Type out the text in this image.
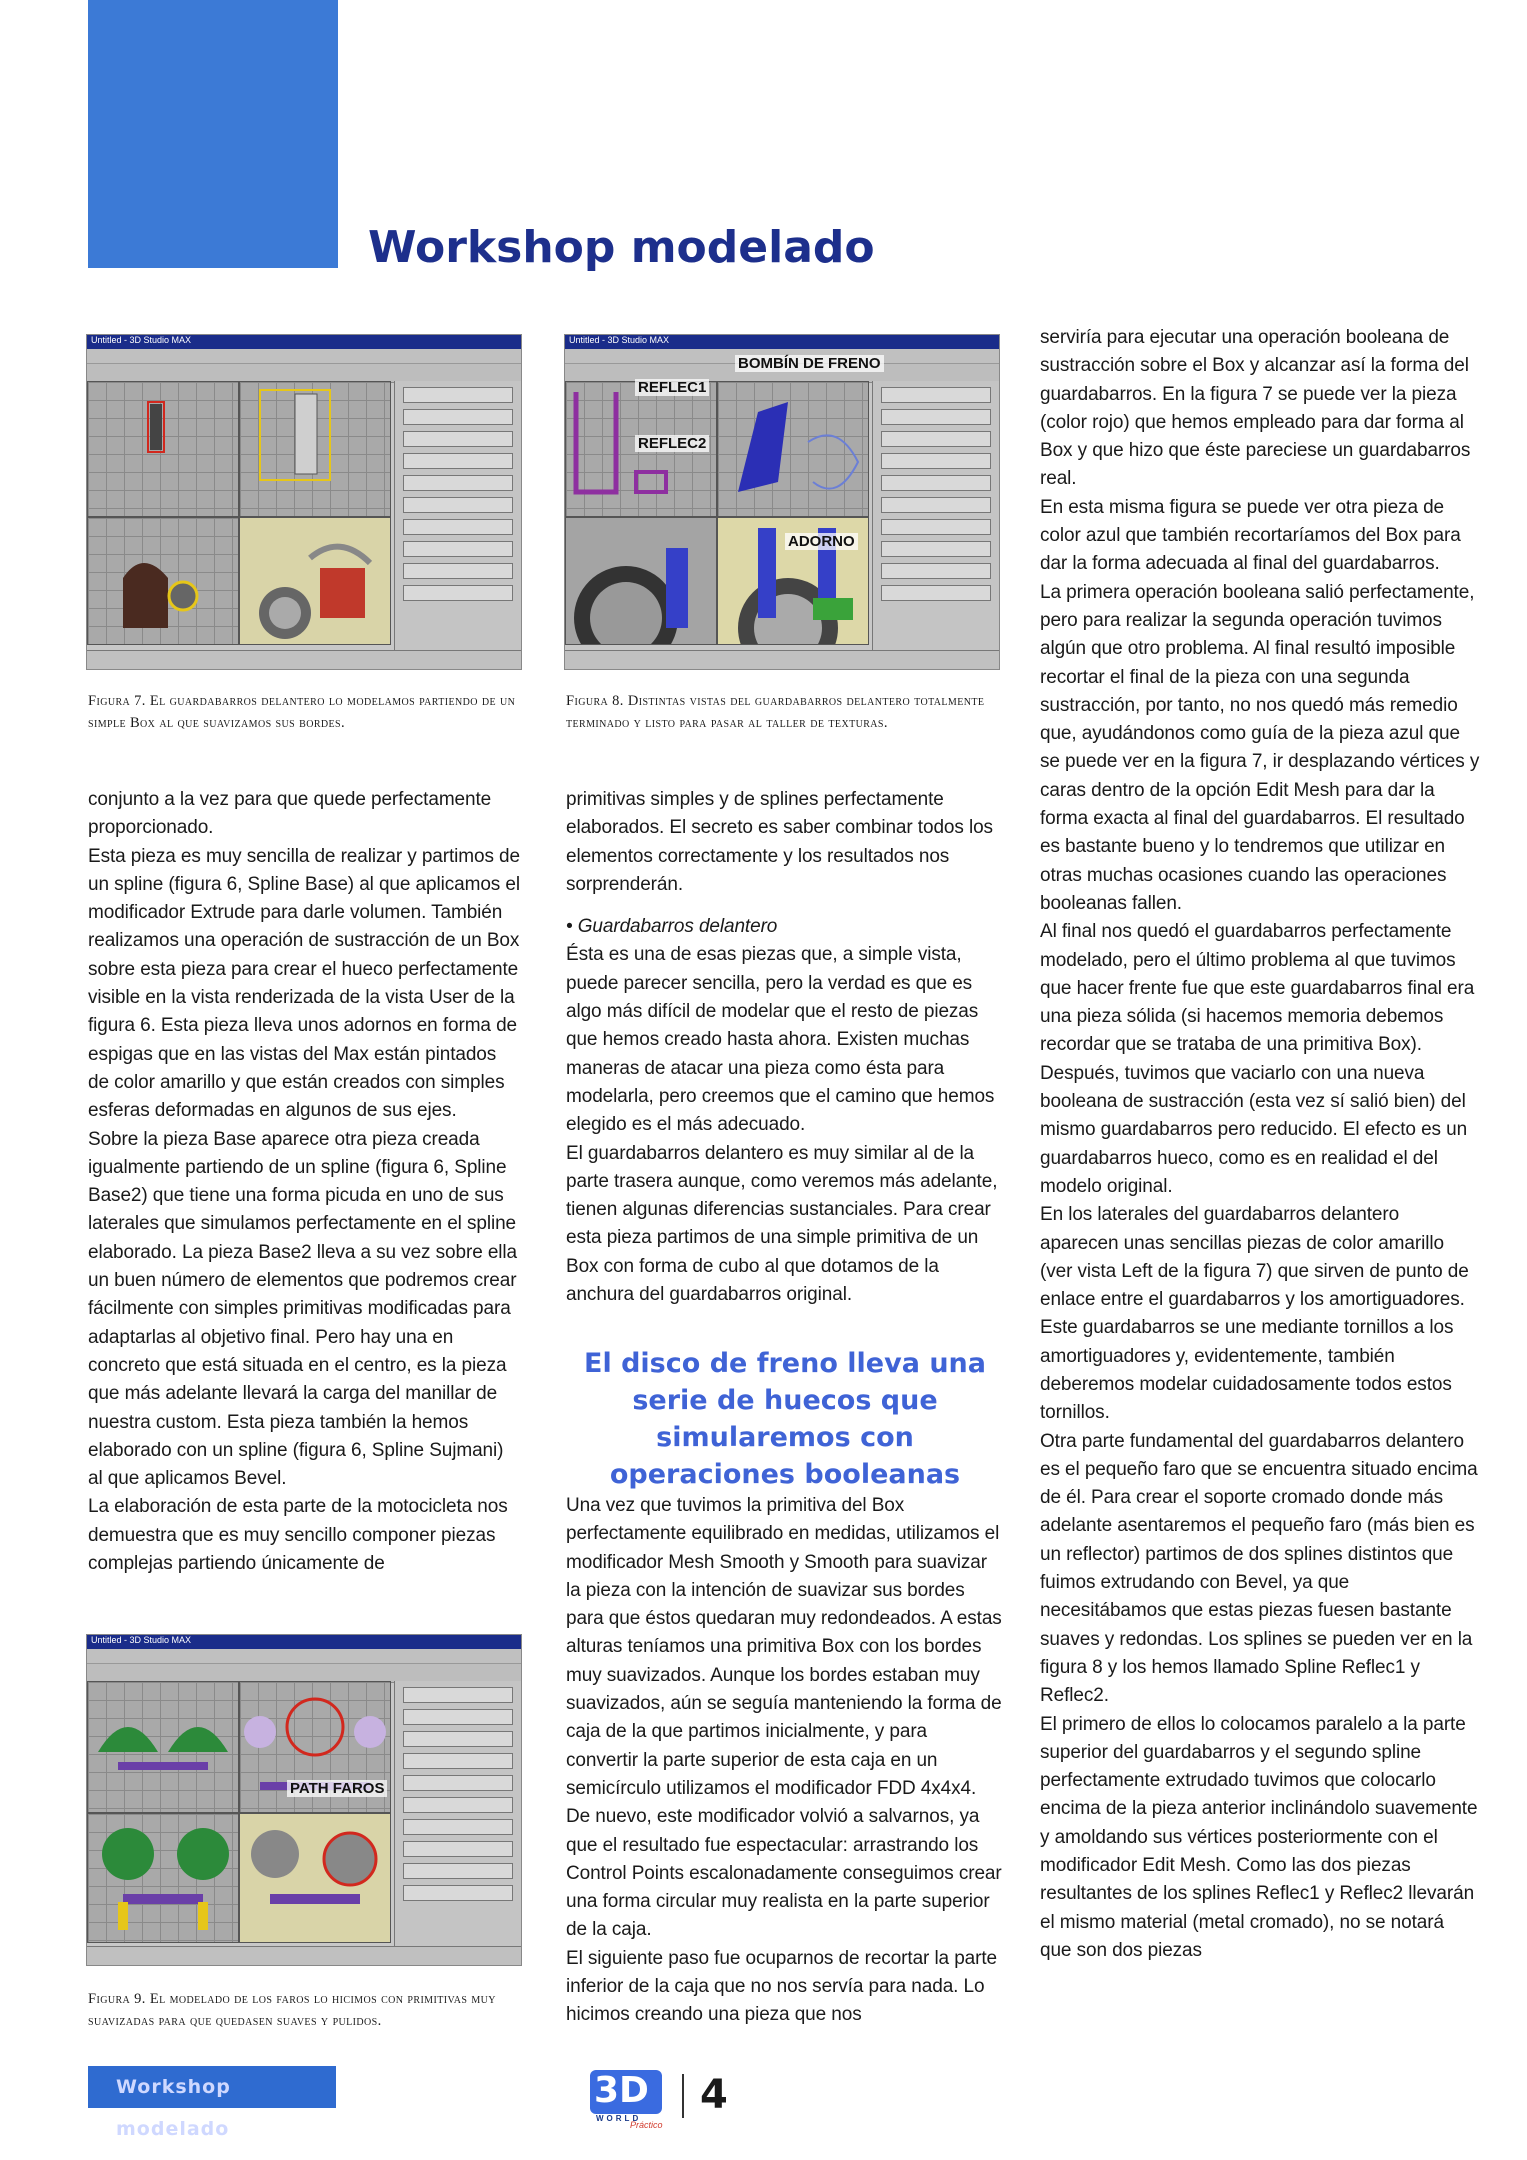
Workshop modelado
Untitled - 3D Studio MAX
Figura 7. El guardabarros delantero lo modelamos partiendo de un simple Box al que suavizamos sus bordes.
Untitled - 3D Studio MAX
BOMBÍN DE FRENO
REFLEC1
REFLEC2
ADORNO
Figura 8. Distintas vistas del guardabarros delantero totalmente terminado y listo para pasar al taller de texturas.

conjunto a la vez para que quede perfectamente proporcionado.

Esta pieza es muy sencilla de realizar y partimos de un spline (figura 6, Spline Base) al que aplicamos el modificador Extrude para darle volumen. También realizamos una operación de sustracción de un Box sobre esta pieza para crear el hueco perfectamente visible en la vista renderizada de la vista User de la figura 6. Esta pieza lleva unos adornos en forma de espigas que en las vistas del Max están pintados de color amarillo y que están creados con simples esferas deformadas en algunos de sus ejes.

Sobre la pieza Base aparece otra pieza creada igualmente partiendo de un spline (figura 6, Spline Base2) que tiene una forma picuda en uno de sus laterales que simulamos perfectamente en el spline elaborado. La pieza Base2 lleva a su vez sobre ella un buen número de elementos que podremos crear fácilmente con simples primitivas modificadas para adaptarlas al objetivo final. Pero hay una en concreto que está situada en el centro, es la pieza que más adelante llevará la carga del manillar de nuestra custom. Esta pieza también la hemos elaborado con un spline (figura 6, Spline Sujmani) al que aplicamos Bevel.

La elaboración de esta parte de la motocicleta nos demuestra que es muy sencillo componer piezas complejas partiendo únicamente de

Untitled - 3D Studio MAX
PATH FAROS
Figura 9. El modelado de los faros lo hicimos con primitivas muy suavizadas para que quedasen suaves y pulidos.

primitivas simples y de splines perfectamente elaborados. El secreto es saber combinar todos los elementos correctamente y los resultados nos sorprenderán.

• Guardabarros delantero

Ésta es una de esas piezas que, a simple vista, puede parecer sencilla, pero la verdad es que es algo más difícil de modelar que el resto de piezas que hemos creado hasta ahora. Existen muchas maneras de atacar una pieza como ésta para modelarla, pero creemos que el camino que hemos elegido es el más adecuado.

El guardabarros delantero es muy similar al de la parte trasera aunque, como veremos más adelante, tienen algunas diferencias sustanciales. Para crear esta pieza partimos de una simple primitiva de un Box con forma de cubo al que dotamos de la anchura del guardabarros original.

El disco de freno lleva una serie de huecos que simularemos con operaciones booleanas

Una vez que tuvimos la primitiva del Box perfectamente equilibrado en medidas, utilizamos el modificador Mesh Smooth y Smooth para suavizar la pieza con la intención de suavizar sus bordes para que éstos quedaran muy redondeados. A estas alturas teníamos una primitiva Box con los bordes muy suavizados. Aunque los bordes estaban muy suavizados, aún se seguía manteniendo la forma de caja de la que partimos inicialmente, y para convertir la parte superior de esta caja en un semicírculo utilizamos el modificador FDD 4x4x4. De nuevo, este modificador volvió a salvarnos, ya que el resultado fue espectacular: arrastrando los Control Points escalonadamente conseguimos crear una forma circular muy realista en la parte superior de la caja.

El siguiente paso fue ocuparnos de recortar la parte inferior de la caja que no nos servía para nada. Lo hicimos creando una pieza que nos

serviría para ejecutar una operación booleana de sustracción sobre el Box y alcanzar así la forma del guardabarros. En la figura 7 se puede ver la pieza (color rojo) que hemos empleado para dar forma al Box y que hizo que éste pareciese un guardabarros real.

En esta misma figura se puede ver otra pieza de color azul que también recortaríamos del Box para dar la forma adecuada al final del guardabarros.

La primera operación booleana salió perfectamente, pero para realizar la segunda operación tuvimos algún que otro problema. Al final resultó imposible recortar el final de la pieza con una segunda sustracción, por tanto, no nos quedó más remedio que, ayudándonos como guía de la pieza azul que se puede ver en la figura 7, ir desplazando vértices y caras dentro de la opción Edit Mesh para dar la forma exacta al final del guardabarros. El resultado es bastante bueno y lo tendremos que utilizar en otras muchas ocasiones cuando las operaciones booleanas fallen.

Al final nos quedó el guardabarros perfectamente modelado, pero el último problema al que tuvimos que hacer frente fue que este guardabarros final era una pieza sólida (si hacemos memoria debemos recordar que se trataba de una primitiva Box). Después, tuvimos que vaciarlo con una nueva booleana de sustracción (esta vez sí salió bien) del mismo guardabarros pero reducido. El efecto es un guardabarros hueco, como es en realidad el del modelo original.

En los laterales del guardabarros delantero aparecen unas sencillas piezas de color amarillo (ver vista Left de la figura 7) que sirven de punto de enlace entre el guardabarros y los amortiguadores. Este guardabarros se une mediante tornillos a los amortiguadores y, evidentemente, también deberemos modelar cuidadosamente todos estos tornillos.

Otra parte fundamental del guardabarros delantero es el pequeño faro que se encuentra situado encima de él. Para crear el soporte cromado donde más adelante asentaremos el pequeño faro (más bien es un reflector) partimos de dos splines distintos que fuimos extrudando con Bevel, ya que necesitábamos que estas piezas fuesen bastante suaves y redondas. Los splines se pueden ver en la figura 8 y los hemos llamado Spline Reflec1 y Reflec2.

El primero de ellos lo colocamos paralelo a la parte superior del guardabarros y el segundo spline perfectamente extrudado tuvimos que colocarlo encima de la pieza anterior inclinándolo suavemente y amoldando sus vértices posteriormente con el modificador Edit Mesh. Como las dos piezas resultantes de los splines Reflec1 y Reflec2 llevarán el mismo material (metal cromado), no se notará que son dos piezas

Workshop modelado
3D
WORLD
Práctico
4
